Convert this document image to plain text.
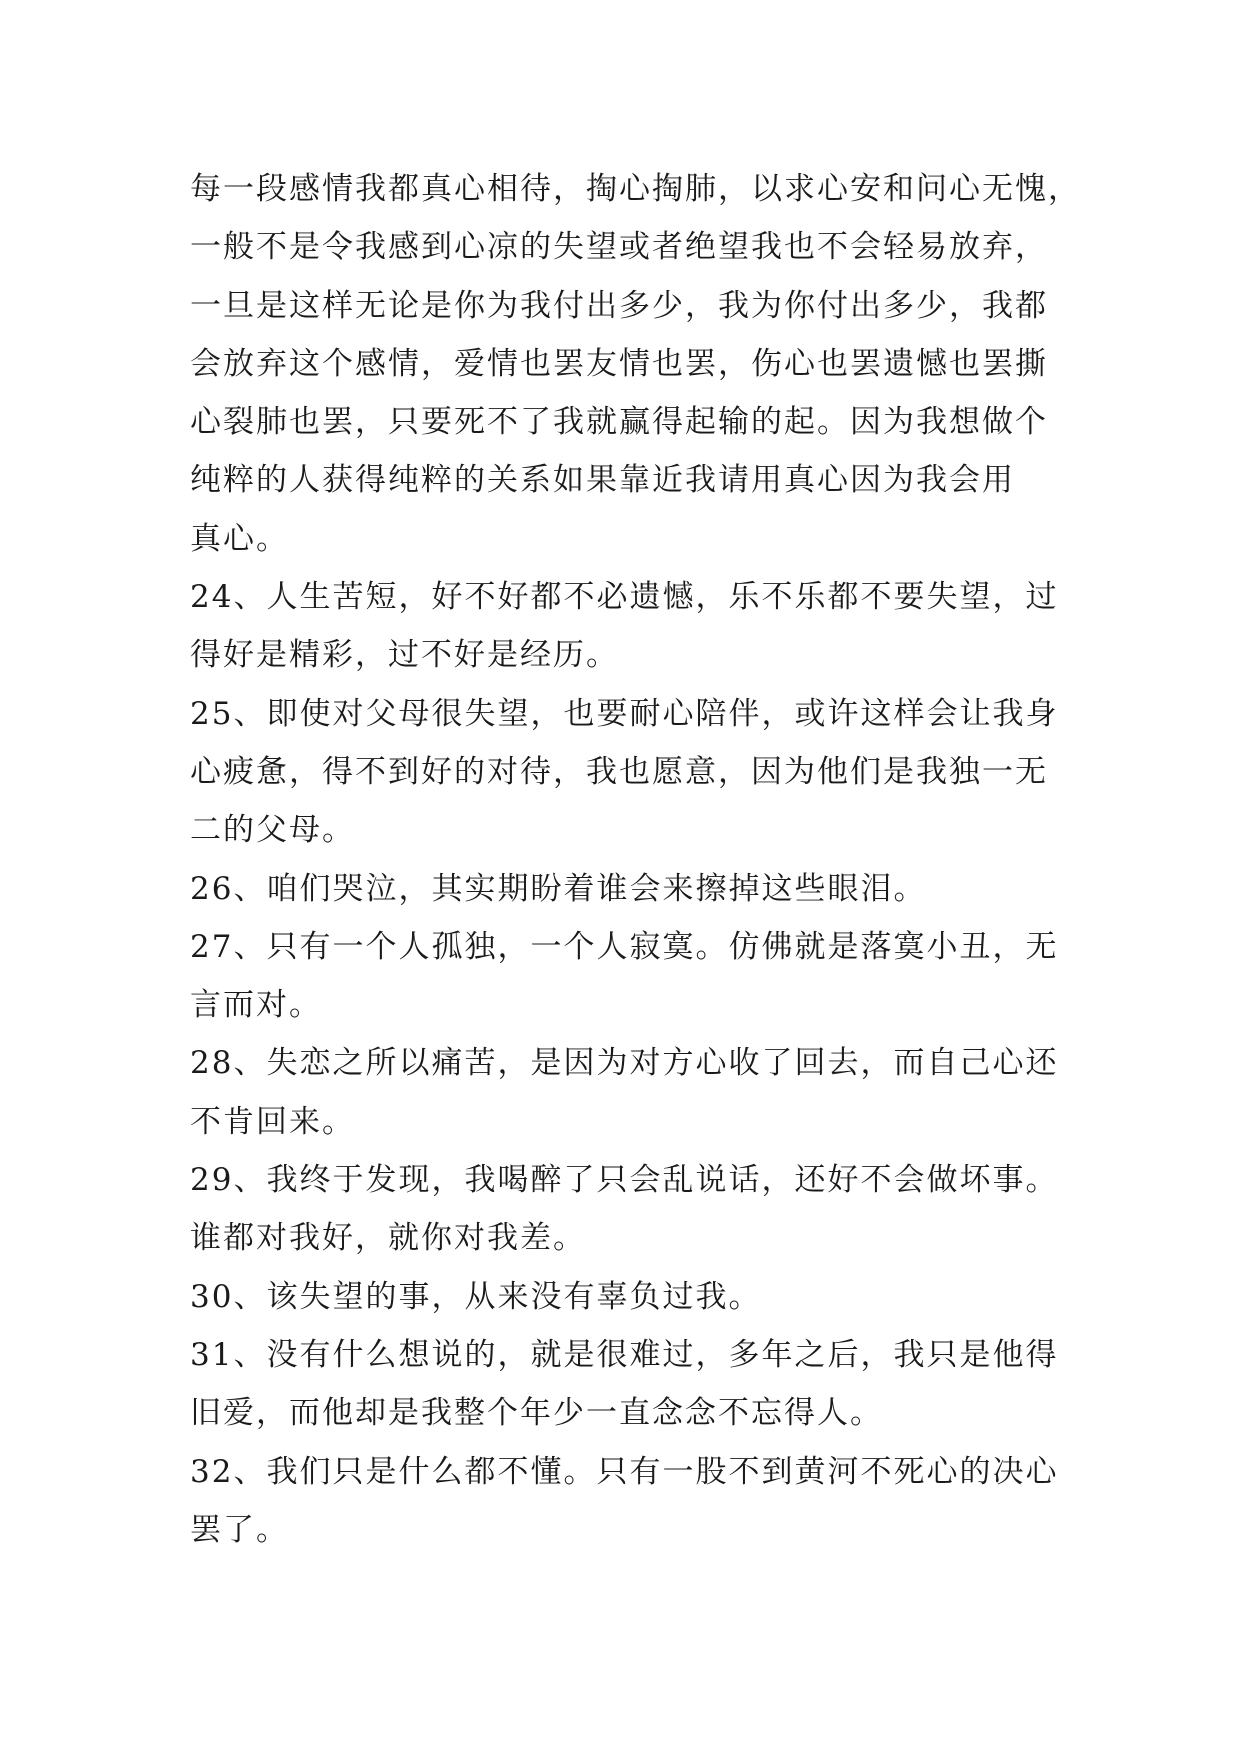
每一段感情我都真心相待，掏心掏肺，以求心安和问心无愧，
一般不是令我感到心凉的失望或者绝望我也不会轻易放弃，
一旦是这样无论是你为我付出多少，我为你付出多少，我都
会放弃这个感情，爱情也罢友情也罢，伤心也罢遗憾也罢撕
心裂肺也罢，只要死不了我就赢得起输的起。因为我想做个
纯粹的人获得纯粹的关系如果靠近我请用真心因为我会用
真心。
24、人生苦短，好不好都不必遗憾，乐不乐都不要失望，过
得好是精彩，过不好是经历。
25、即使对父母很失望，也要耐心陪伴，或许这样会让我身
心疲惫，得不到好的对待，我也愿意，因为他们是我独一无
二的父母。
26、咱们哭泣，其实期盼着谁会来擦掉这些眼泪。
27、只有一个人孤独，一个人寂寞。仿佛就是落寞小丑，无
言而对。
28、失恋之所以痛苦，是因为对方心收了回去，而自己心还
不肯回来。
29、我终于发现，我喝醉了只会乱说话，还好不会做坏事。
谁都对我好，就你对我差。
30、该失望的事，从来没有辜负过我。
31、没有什么想说的，就是很难过，多年之后，我只是他得
旧爱，而他却是我整个年少一直念念不忘得人。
32、我们只是什么都不懂。只有一股不到黄河不死心的决心
罢了。
